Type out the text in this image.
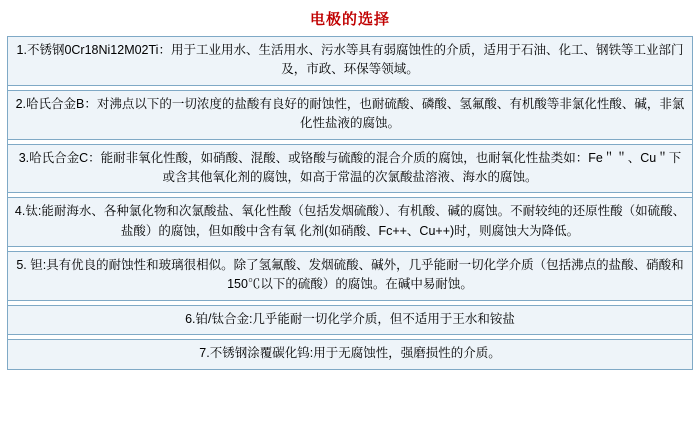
电极的选择
1.不锈钢0Cr18Ni12M02Ti：用于工业用水、生活用水、污水等具有弱腐蚀性的介质，适用于石油、化工、钢铁等工业部门及，市政、环保等领域。

2.哈氏合金B：对沸点以下的一切浓度的盐酸有良好的耐蚀性，也耐硫酸、磷酸、氢氟酸、有机酸等非氯化性酸、碱，非氯化性盐液的腐蚀。

3.哈氏合金C：能耐非氧化性酸，如硝酸、混酸、或铬酸与硫酸的混合介质的腐蚀，也耐氧化性盐类如：Fe＂＂、Cu＂下或含其他氧化剂的腐蚀，如高于常温的次氯酸盐溶液、海水的腐蚀。

4.钛:能耐海水、各种氯化物和次氯酸盐、氧化性酸（包括发烟硫酸）、有机酸、碱的腐蚀。不耐较纯的还原性酸（如硫酸、盐酸）的腐蚀，但如酸中含有氧 化剂(如硝酸、Fc++、Cu++)时，则腐蚀大为降低。

5. 钽:具有优良的耐蚀性和玻璃很相似。除了氢氟酸、发烟硫酸、碱外，几乎能耐一切化学介质（包括沸点的盐酸、硝酸和150℃以下的硫酸）的腐蚀。在碱中易耐蚀。

6.铂/钛合金:几乎能耐一切化学介质，但不适用于王水和铵盐

7.不锈钢涂覆碳化钨:用于无腐蚀性，强磨损性的介质。
